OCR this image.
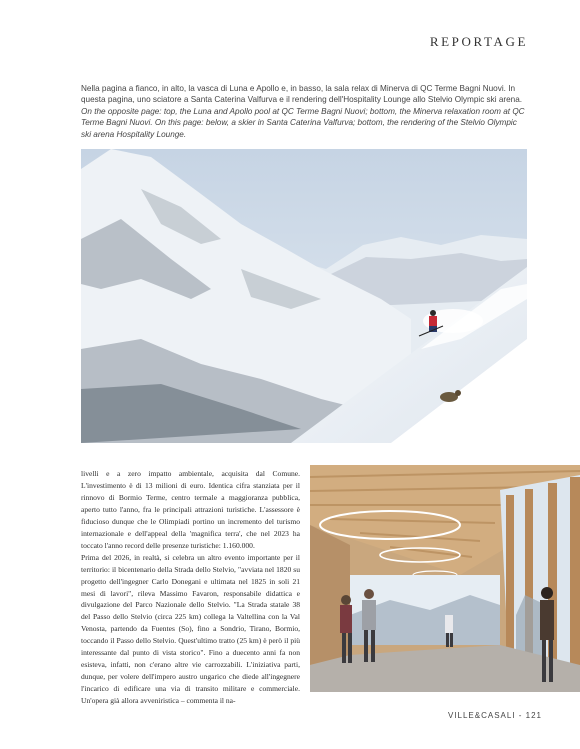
REPORTAGE

Nella pagina a fianco, in alto, la vasca di Luna e Apollo e, in basso, la sala relax di Minerva di QC Terme Bagni Nuovi. In questa pagina, uno sciatore a Santa Caterina Valfurva e il rendering dell'Hospitality Lounge allo Stelvio Olympic ski arena.

On the opposite page: top, the Luna and Apollo pool at QC Terme Bagni Nuovi; bottom, the Minerva relaxation room at QC Terme Bagni Nuovi. On this page: below, a skier in Santa Caterina Valfurva; bottom, the rendering of the Stelvio Olympic ski arena Hospitality Lounge.

© DiottoStudio

livelli e a zero impatto ambientale, acquisita dal Comune. L'investimento è di 13 milioni di euro. Identica cifra stanziata per il rinnovo di Bormio Terme, centro termale a maggioranza pubblica, aperto tutto l'anno, fra le principali attrazioni turistiche. L'assessore è fiducioso dunque che le Olimpiadi portino un incremento del turismo internazionale e dell'appeal della 'magnifica terra', che nel 2023 ha toccato l'anno record delle presenze turistiche: 1.160.000.

Prima del 2026, in realtà, si celebra un altro evento importante per il territorio: il bicentenario della Strada dello Stelvio, "avviata nel 1820 su progetto dell'ingegner Carlo Donegani e ultimata nel 1825 in soli 21 mesi di lavori", rileva Massimo Favaron, responsabile didattica e divulgazione del Parco Nazionale dello Stelvio. "La Strada statale 38 del Passo dello Stelvio (circa 225 km) collega la Valtellina con la Val Venosta, partendo da Fuentes (So), fino a Sondrio, Tirano, Bormio, toccando il Passo dello Stelvio. Quest'ultimo tratto (25 km) è però il più interessante dal punto di vista storico". Fino a duecento anni fa non esisteva, infatti, non c'erano altre vie carrozzabili. L'iniziativa parti, dunque, per volere dell'impero austro ungarico che diede all'ingegnere l'incarico di edificare una via di transito militare e commerciale. Un'opera già allora avveniristica – commenta il na-

VILLE&CASALI - 121
